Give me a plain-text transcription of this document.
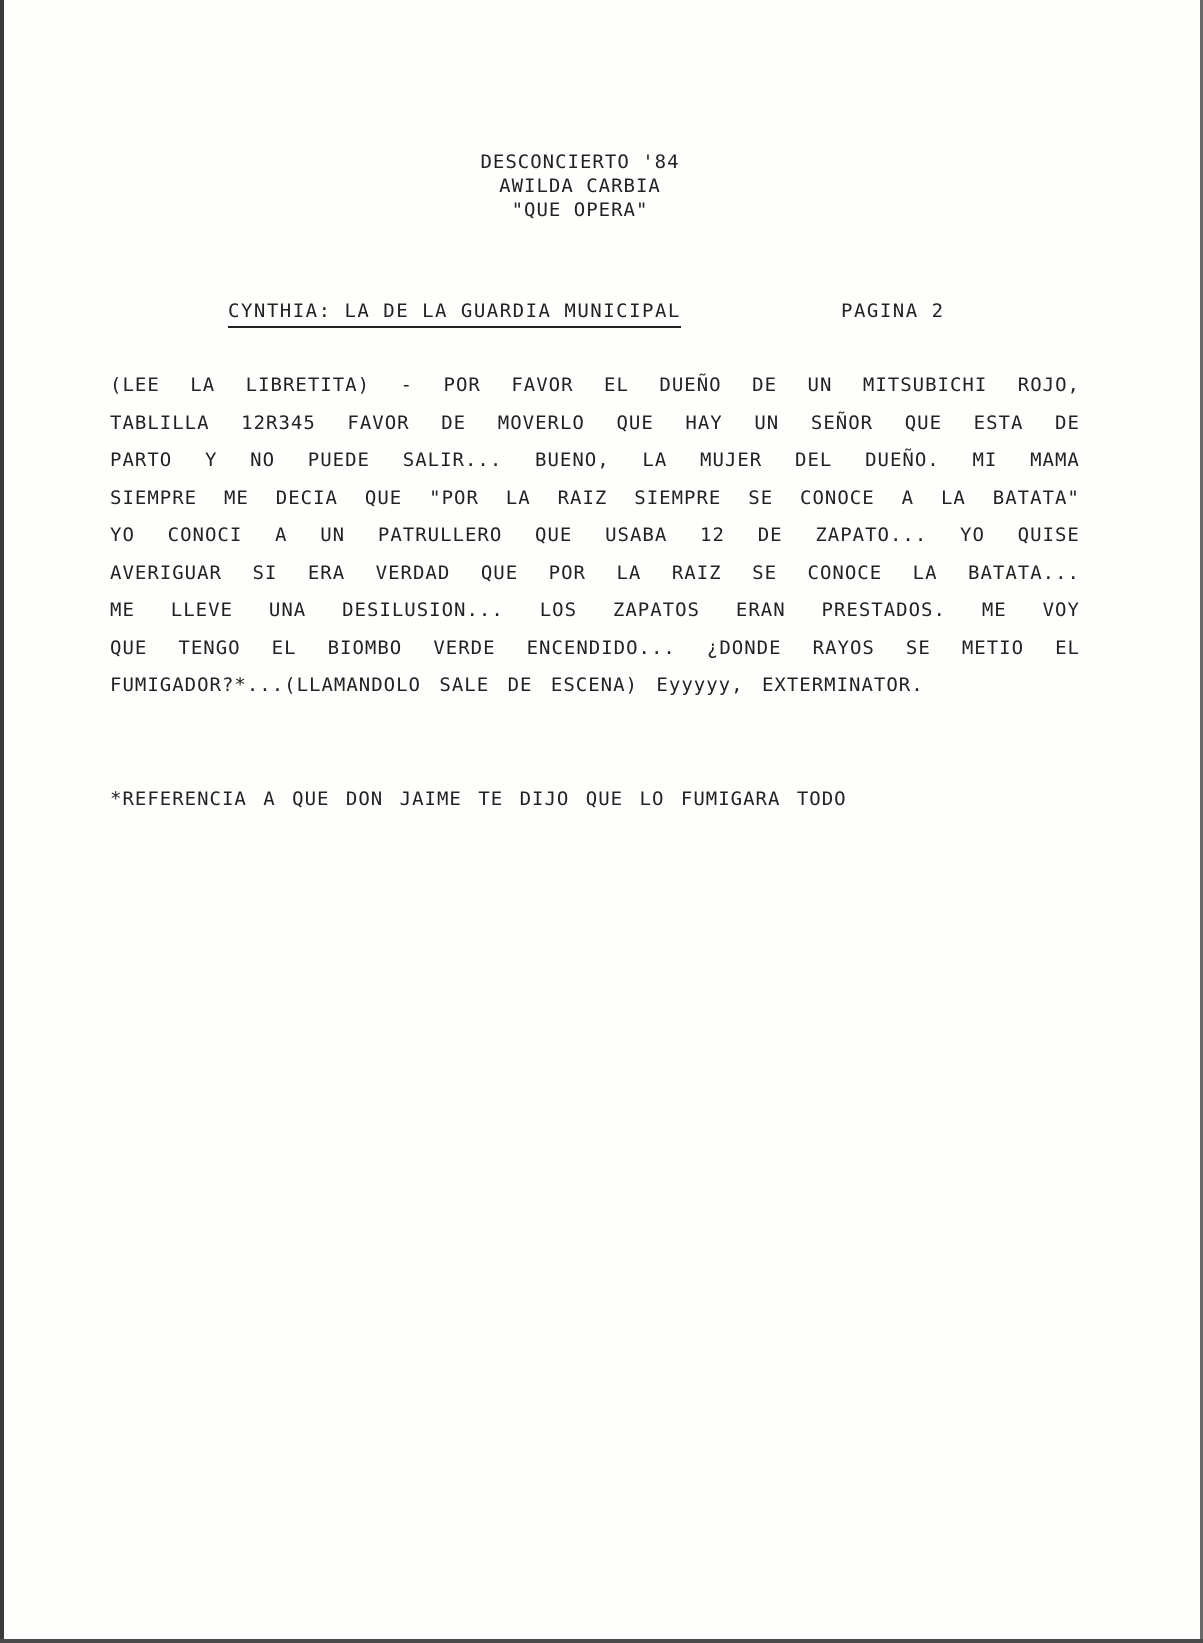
DESCONCIERTO '84
AWILDA CARBIA
"QUE OPERA"
CYNTHIA: LA DE LA GUARDIA MUNICIPAL	PAGINA 2
(LEE LA LIBRETITA) - POR FAVOR EL DUEÑO DE UN MITSUBICHI ROJO,
TABLILLA 12R345 FAVOR DE MOVERLO QUE HAY UN SEÑOR QUE ESTA DE
PARTO Y NO PUEDE SALIR... BUENO, LA MUJER DEL DUEÑO. MI MAMA
SIEMPRE ME DECIA QUE "POR LA RAIZ SIEMPRE SE CONOCE A LA BATATA"
YO CONOCI A UN PATRULLERO QUE USABA 12 DE ZAPATO... YO QUISE
AVERIGUAR SI ERA VERDAD QUE POR LA RAIZ SE CONOCE LA BATATA...
ME LLEVE UNA DESILUSION... LOS ZAPATOS ERAN PRESTADOS. ME VOY
QUE TENGO EL BIOMBO VERDE ENCENDIDO... ¿DONDE RAYOS SE METIO EL
FUMIGADOR?*...(LLAMANDOLO SALE DE ESCENA) Eyyyyy, EXTERMINATOR.
*REFERENCIA A QUE DON JAIME TE DIJO QUE LO FUMIGARA TODO
